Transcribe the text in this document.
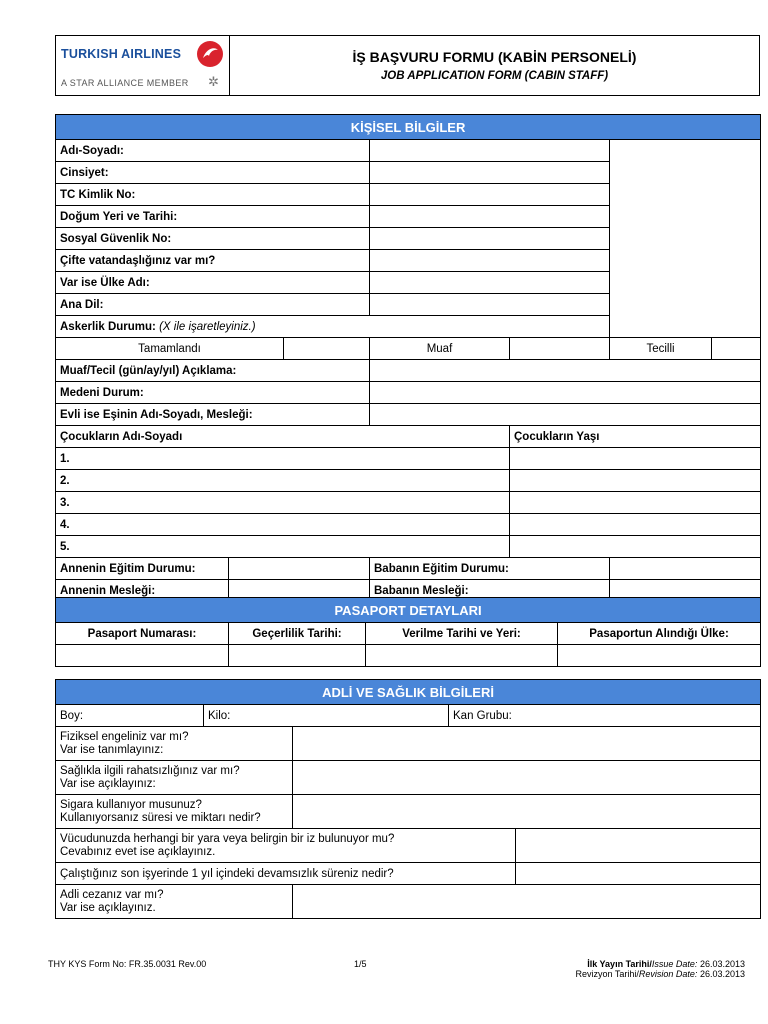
TURKISH AIRLINES
A STAR ALLIANCE MEMBER ✲
İŞ BAŞVURU FORMU (KABİN PERSONELİ)
JOB APPLICATION FORM (CABIN STAFF)
KİŞİSEL BİLGİLER						
Adı-Soyadı:						
Cinsiyet:						
TC Kimlik No:						
Doğum Yeri ve Tarihi:						
Sosyal Güvenlik No:						
Çifte vatandaşlığınız var mı?						
Var ise Ülke Adı:						
Ana Dil:						
Askerlik Durumu: (X ile işaretleyiniz.)						
Tamamlandı			Muaf		Tecilli	
Muaf/Tecil (gün/ay/yıl) Açıklama:						
Medeni Durum:						
Evli ise Eşinin Adı-Soyadı, Mesleği:						
Çocukların Adı-Soyadı				Çocukların Yaşı		
1.						
2.						
3.						
4.						
5.						
Annenin Eğitim Durumu:			Babanın Eğitim Durumu:			
Annenin Mesleği:			Babanın Mesleği:			
PASAPORT DETAYLARI			
Pasaport Numarası:	Geçerlilik Tarihi:	Verilme Tarihi ve Yeri:	Pasaportun Alındığı Ülke:

ADLİ VE SAĞLIK BİLGİLERİ				
Boy:	Kilo:		Kan Grubu:	
Fiziksel engeliniz var mı?
Var ise tanımlayınız:				
Sağlıkla ilgili rahatsızlığınız var mı?
Var ise açıklayınız:				
Sigara kullanıyor musunuz?
Kullanıyorsanız süresi ve miktarı nedir?				
Vücudunuzda herhangi bir yara veya belirgin bir iz bulunuyor mu?
Cevabınız evet ise açıklayınız.				
Çalıştığınız son işyerinde 1 yıl içindeki devamsızlık süreniz nedir?				
Adli cezanız var mı?
Var ise açıklayınız.				
THY KYS Form No: FR.35.0031 Rev.00	1/5	İlk Yayın Tarihi/Issue Date: 26.03.2013
Revizyon Tarihi/Revision Date: 26.03.2013
